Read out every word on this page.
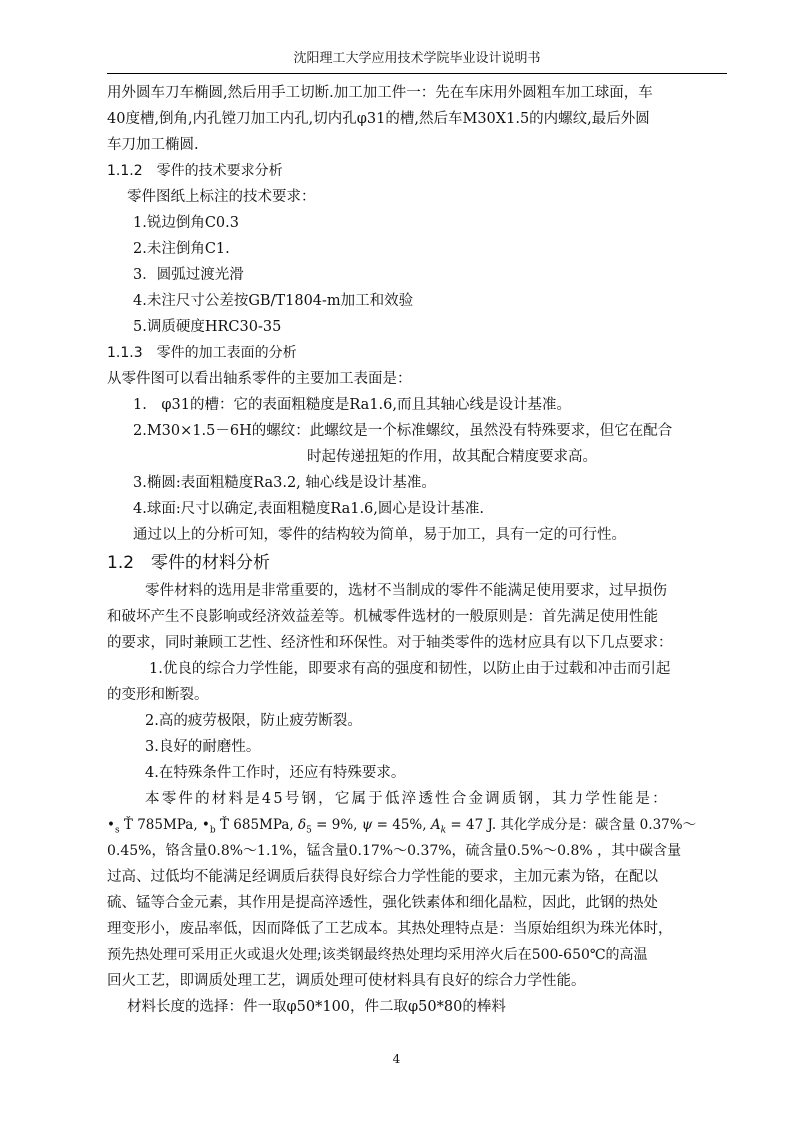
沈阳理工大学应用技术学院毕业设计说明书
用外圆车刀车椭圆,然后用手工切断.加工加工件一：先在车床用外圆粗车加工球面，车
40度槽,倒角,内孔镗刀加工内孔,切内孔φ31的槽,然后车M30X1.5的内螺纹,最后外圆
车刀加工椭圆.
1.1.2　零件的技术要求分析
零件图纸上标注的技术要求：
1.锐边倒角C0.3
2.未注倒角C1.
3．圆弧过渡光滑
4.未注尺寸公差按GB/T1804-m加工和效验
5.调质硬度HRC30-35
1.1.3　零件的加工表面的分析
从零件图可以看出轴系零件的主要加工表面是：
1.　φ31的槽：它的表面粗糙度是Ra1.6,而且其轴心线是设计基准。
2.M30×1.5－6H的螺纹：此螺纹是一个标准螺纹，虽然没有特殊要求，但它在配合
时起传递扭矩的作用，故其配合精度要求高。
3.椭圆:表面粗糙度Ra3.2, 轴心线是设计基准。
4.球面:尺寸以确定,表面粗糙度Ra1.6,圆心是设计基准.
通过以上的分析可知，零件的结构较为简单，易于加工，具有一定的可行性。
1.2　零件的材料分析
零件材料的选用是非常重要的，选材不当制成的零件不能满足使用要求，过早损伤
和破坏产生不良影响或经济效益差等。机械零件选材的一般原则是：首先满足使用性能
的要求，同时兼顾工艺性、经济性和环保性。对于轴类零件的选材应具有以下几点要求：
1.优良的综合力学性能，即要求有高的强度和韧性，以防止由于过载和冲击而引起
的变形和断裂。
2.高的疲劳极限，防止疲劳断裂。
3.良好的耐磨性。
4.在特殊条件工作时，还应有特殊要求。
本零件的材料是45号钢，它属于低淬透性合金调质钢，其力学性能是：
$•_s$ Ť 785MPa, $•_b$ Ť 685MPa, $\delta_5 = 9\%$, ψ = 45%, $A_k = 47$ J. 其化学成分是：碳含量 0.37%～
0.45%，铬含量0.8%～1.1%，锰含量0.17%～0.37%，硫含量0.5%～0.8% ，其中碳含量
过高、过低均不能满足经调质后获得良好综合力学性能的要求，主加元素为铬，在配以
硫、锰等合金元素，其作用是提高淬透性，强化铁素体和细化晶粒，因此，此钢的热处
理变形小，废品率低，因而降低了工艺成本。其热处理特点是：当原始组织为珠光体时，
预先热处理可采用正火或退火处理;该类钢最终热处理均采用淬火后在500-650℃的高温
回火工艺，即调质处理工艺，调质处理可使材料具有良好的综合力学性能。
材料长度的选择：件一取φ50*100，件二取φ50*80的棒料
4
